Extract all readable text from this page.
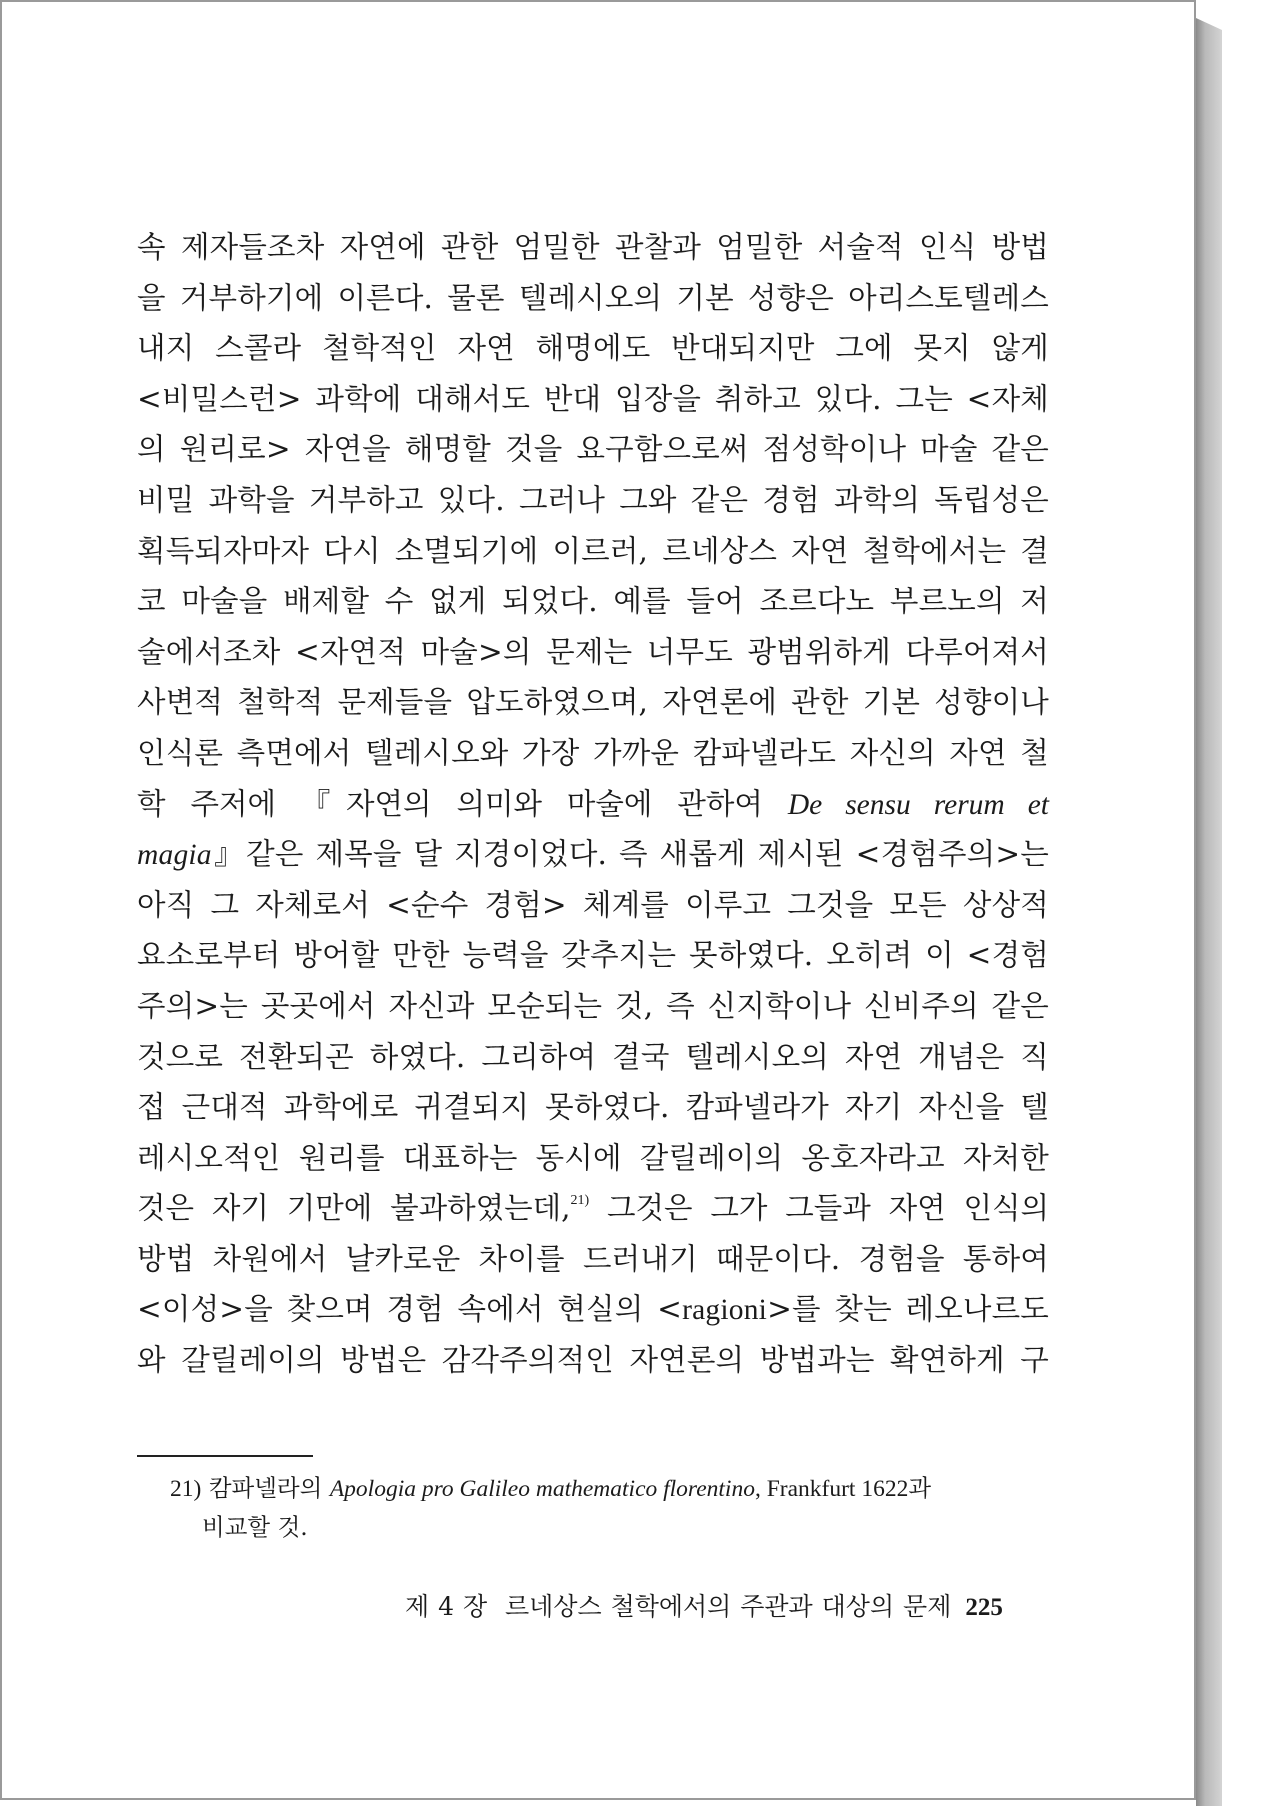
속 제자들조차 자연에 관한 엄밀한 관찰과 엄밀한 서술적 인식 방법
을 거부하기에 이른다. 물론 텔레시오의 기본 성향은 아리스토텔레스
내지 스콜라 철학적인 자연 해명에도 반대되지만 그에 못지 않게
<비밀스런> 과학에 대해서도 반대 입장을 취하고 있다. 그는 <자체
의 원리로> 자연을 해명할 것을 요구함으로써 점성학이나 마술 같은
비밀 과학을 거부하고 있다. 그러나 그와 같은 경험 과학의 독립성은
획득되자마자 다시 소멸되기에 이르러, 르네상스 자연 철학에서는 결
코 마술을 배제할 수 없게 되었다. 예를 들어 조르다노 부르노의 저
술에서조차 <자연적 마술>의 문제는 너무도 광범위하게 다루어져서
사변적 철학적 문제들을 압도하였으며, 자연론에 관한 기본 성향이나
인식론 측면에서 텔레시오와 가장 가까운 캄파넬라도 자신의 자연 철
학 주저에 『자연의 의미와 마술에 관하여 De sensu rerum et
magia』같은 제목을 달 지경이었다. 즉 새롭게 제시된 <경험주의>는
아직 그 자체로서 <순수 경험> 체계를 이루고 그것을 모든 상상적
요소로부터 방어할 만한 능력을 갖추지는 못하였다. 오히려 이 <경험
주의>는 곳곳에서 자신과 모순되는 것, 즉 신지학이나 신비주의 같은
것으로 전환되곤 하였다. 그리하여 결국 텔레시오의 자연 개념은 직
접 근대적 과학에로 귀결되지 못하였다. 캄파넬라가 자기 자신을 텔
레시오적인 원리를 대표하는 동시에 갈릴레이의 옹호자라고 자처한
것은 자기 기만에 불과하였는데,$^{21)}$ 그것은 그가 그들과 자연 인식의
방법 차원에서 날카로운 차이를 드러내기 때문이다. 경험을 통하여
<이성>을 찾으며 경험 속에서 현실의 <ragioni>를 찾는 레오나르도
와 갈릴레이의 방법은 감각주의적인 자연론의 방법과는 확연하게 구
21) 캄파넬라의 Apologia pro Galileo mathematico florentino, Frankfurt 1622과
비교할 것.
제 4 장 르네상스 철학에서의 주관과 대상의 문제 225
